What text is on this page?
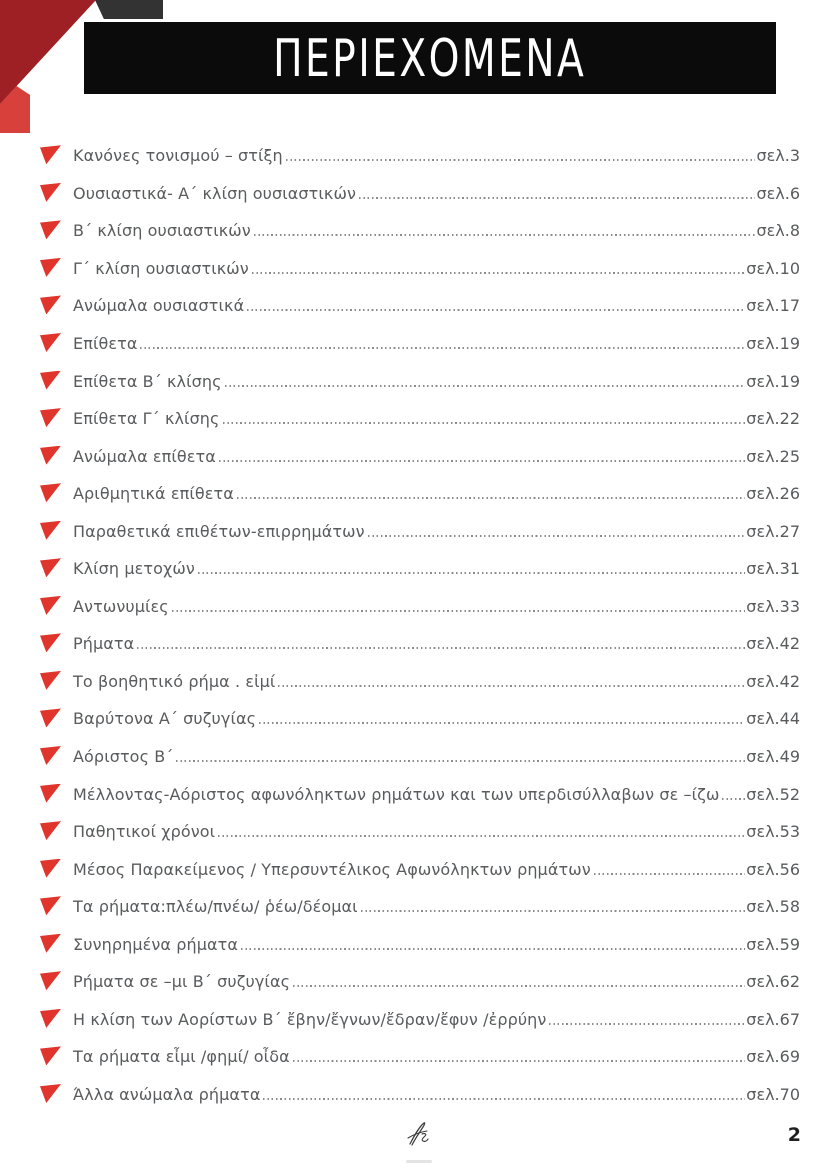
ΠΕΡΙΕΧΟΜΕΝΑ
Κανόνες τονισμού – στίξη	σελ.3
Ουσιαστικά- Α΄ κλίση ουσιαστικών	σελ.6
Β΄ κλίση ουσιαστικών	σελ.8
Γ΄ κλίση ουσιαστικών	σελ.10
Ανώμαλα ουσιαστικά	σελ.17
Επίθετα	σελ.19
Επίθετα Β΄ κλίσης	σελ.19
Επίθετα Γ΄ κλίσης	σελ.22
Ανώμαλα επίθετα	σελ.25
Αριθμητικά επίθετα	σελ.26
Παραθετικά επιθέτων-επιρρημάτων	σελ.27
Κλίση μετοχών	σελ.31
Αντωνυμίες	σελ.33
Ρήματα	σελ.42
Το βοηθητικό ρήμα . εἰμί	σελ.42
Βαρύτονα Α΄ συζυγίας	σελ.44
Αόριστος Β΄	σελ.49
Μέλλοντας-Αόριστος αφωνόληκτων ρημάτων και των υπερδισύλλαβων σε –ίζω σελ.52
Παθητικοί χρόνοι	σελ.53
Μέσος Παρακείμενος / Υπερσυντέλικος Αφωνόληκτων ρημάτων	σελ.56
Τα ρήματα:πλέω/πνέω/ ῥέω/δέομαι	σελ.58
Συνηρημένα ρήματα	σελ.59
Ρήματα σε –μι Β΄ συζυγίας	σελ.62
Η κλίση των Αορίστων Β΄ ἔβην/ἔγνων/ἔδραν/ἔφυν /ἐρρύην	σελ.67
Τα ρήματα εἶμι /φημί/ οἶδα	σελ.69
Άλλα ανώμαλα ρήματα	σελ.70
2
